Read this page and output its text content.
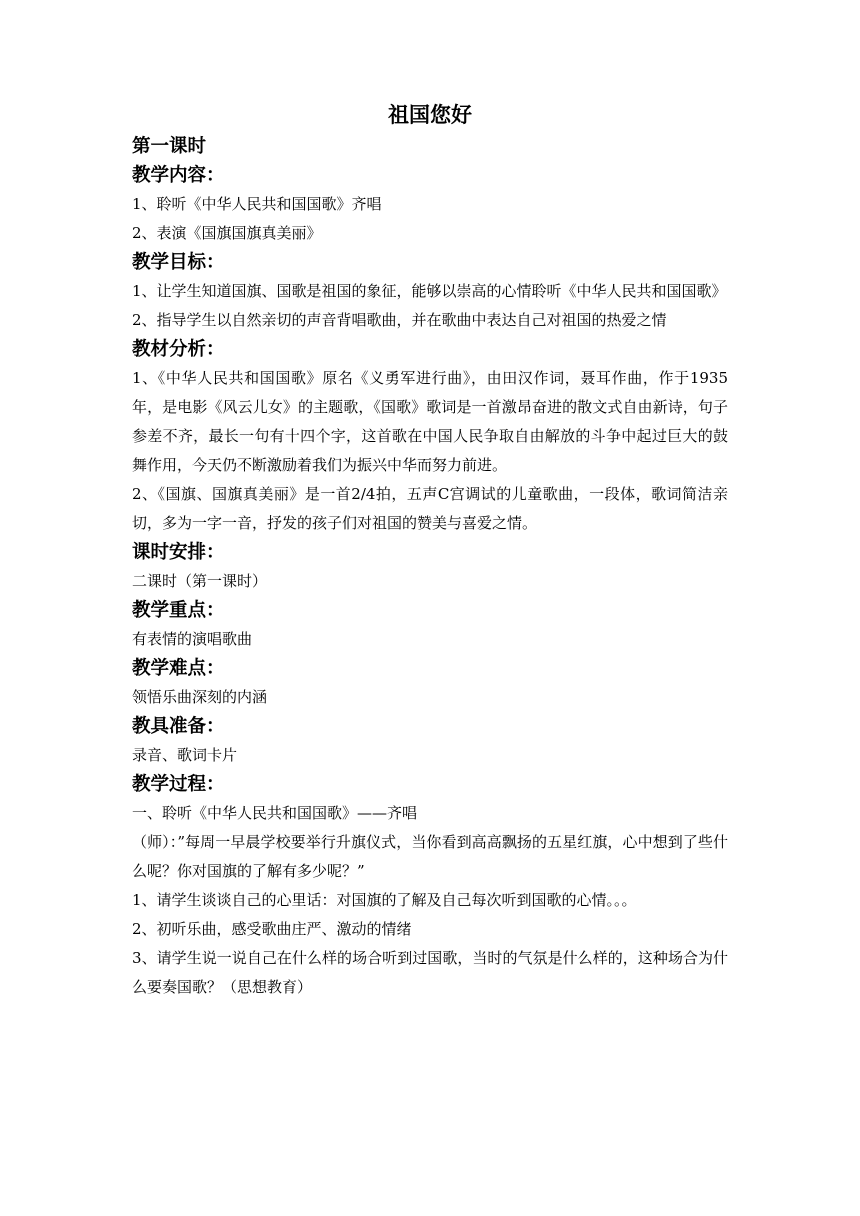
祖国您好
第一课时
教学内容：
1、聆听《中华人民共和国国歌》齐唱
2、表演《国旗国旗真美丽》
教学目标：
1、让学生知道国旗、国歌是祖国的象征，能够以崇高的心情聆听《中华人民共和国国歌》
2、指导学生以自然亲切的声音背唱歌曲，并在歌曲中表达自己对祖国的热爱之情
教材分析：
1、《中华人民共和国国歌》原名《义勇军进行曲》，由田汉作词，聂耳作曲，作于1935年，是电影《风云儿女》的主题歌，《国歌》歌词是一首激昂奋进的散文式自由新诗，句子参差不齐，最长一句有十四个字，这首歌在中国人民争取自由解放的斗争中起过巨大的鼓舞作用，今天仍不断激励着我们为振兴中华而努力前进。
2、《国旗、国旗真美丽》是一首2/4拍，五声C宫调试的儿童歌曲，一段体，歌词简洁亲切，多为一字一音，抒发的孩子们对祖国的赞美与喜爱之情。
课时安排：
二课时（第一课时）
教学重点：
有表情的演唱歌曲
教学难点：
领悟乐曲深刻的内涵
教具准备：
录音、歌词卡片
教学过程：
一、聆听《中华人民共和国国歌》——齐唱
（师）：”每周一早晨学校要举行升旗仪式，当你看到高高飘扬的五星红旗，心中想到了些什么呢？你对国旗的了解有多少呢？”
1、请学生谈谈自己的心里话：对国旗的了解及自己每次听到国歌的心情。。。
2、初听乐曲，感受歌曲庄严、激动的情绪
3、请学生说一说自己在什么样的场合听到过国歌，当时的气氛是什么样的，这种场合为什么要奏国歌？（思想教育）
